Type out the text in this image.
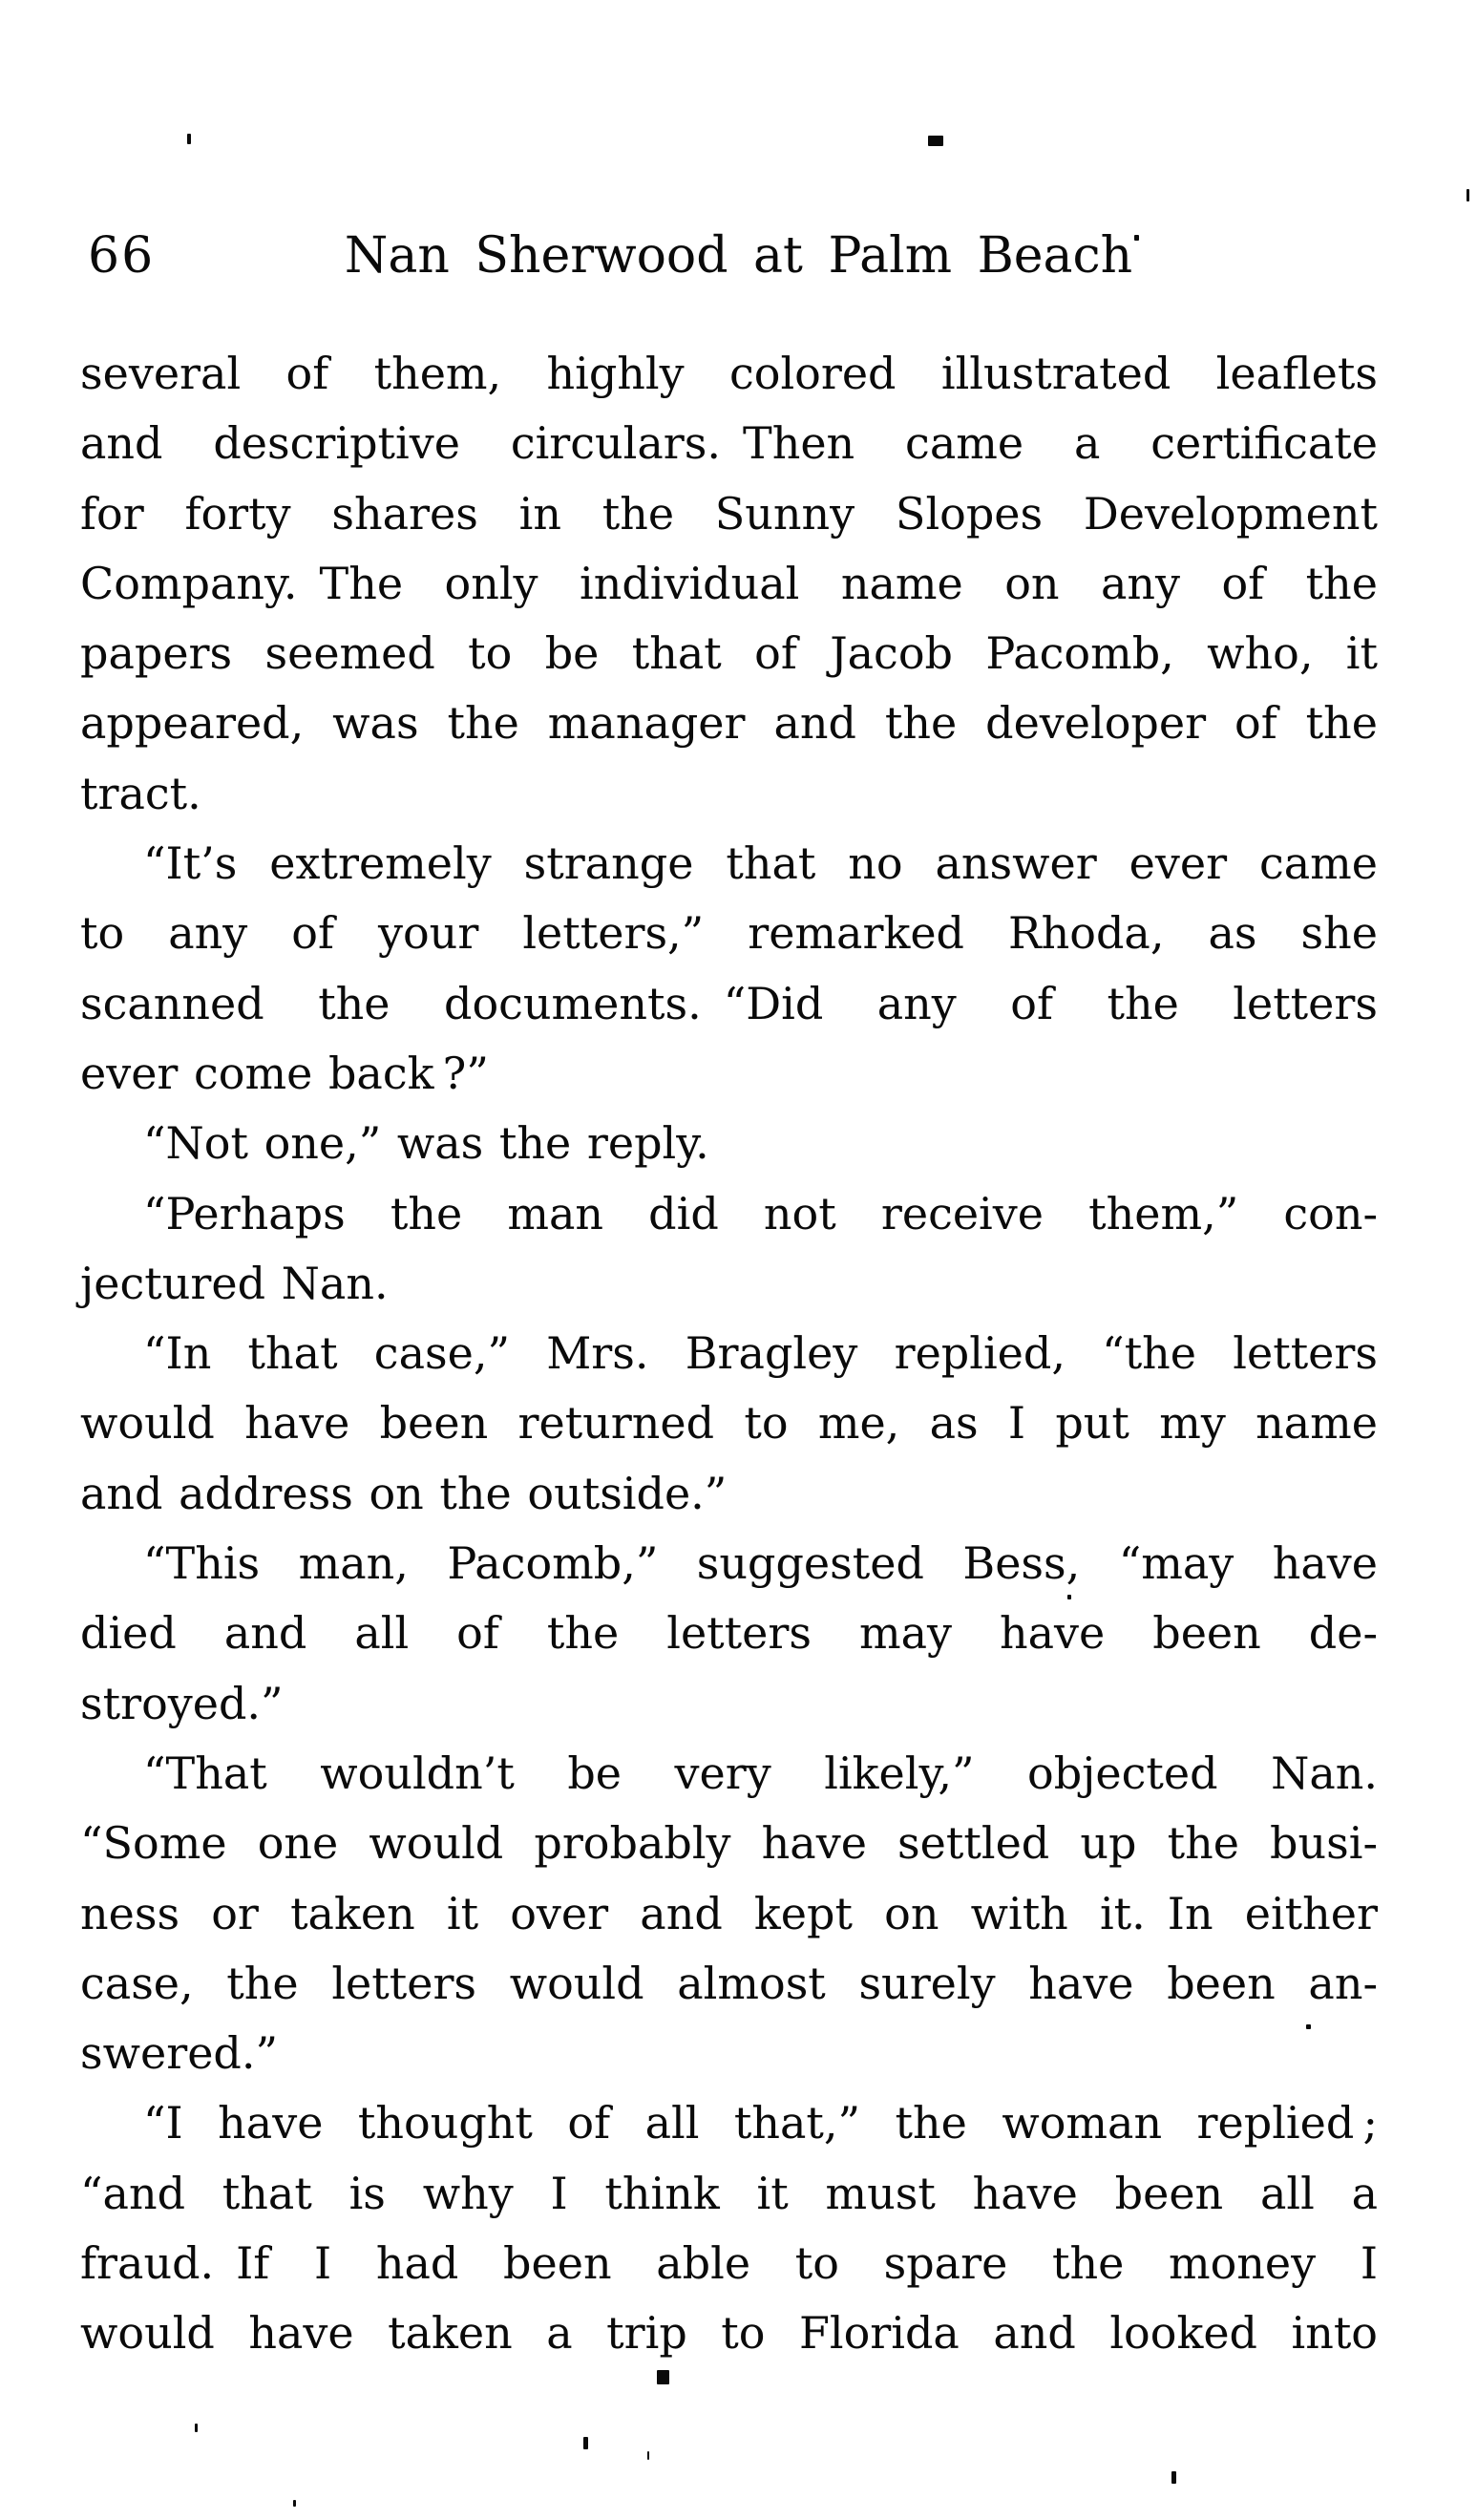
66	Nan Sherwood at Palm Beach
several of them, highly colored illustrated leaflets
and descriptive circulars. Then came a certificate
for forty shares in the Sunny Slopes Development
Company. The only individual name on any of the
papers seemed to be that of Jacob Pacomb, who, it
appeared, was the manager and the developer of the
tract.
“It’s extremely strange that no answer ever came
to any of your letters,” remarked Rhoda, as she
scanned the documents. “Did any of the letters
ever come back ?”
“Not one,” was the reply.
“Perhaps the man did not receive them,” con-
jectured Nan.
“In that case,” Mrs. Bragley replied, “the letters
would have been returned to me, as I put my name
and address on the outside.”
“This man, Pacomb,” suggested Bess, “may have
died and all of the letters may have been de-
stroyed.”
“That wouldn’t be very likely,” objected Nan.
“Some one would probably have settled up the busi-
ness or taken it over and kept on with it. In either
case, the letters would almost surely have been an-
swered.”
“I have thought of all that,” the woman replied ;
“and that is why I think it must have been all a
fraud. If I had been able to spare the money I
would have taken a trip to Florida and looked into
